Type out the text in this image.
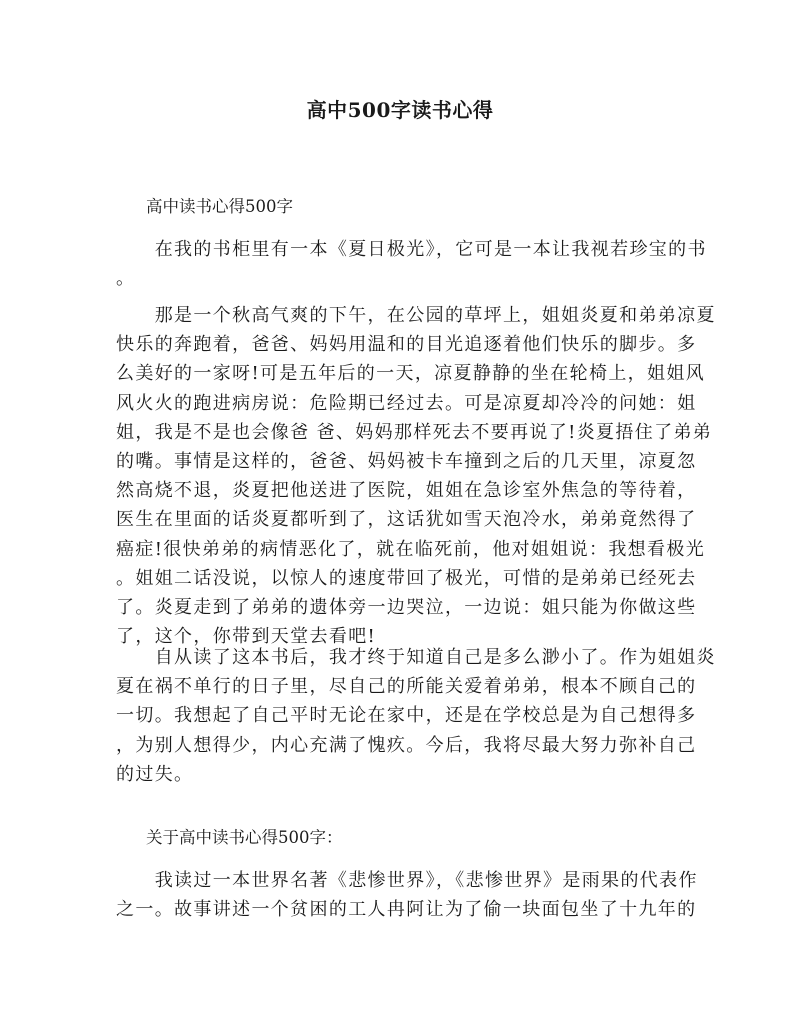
高中500字读书心得
高中读书心得500字
　　在我的书柜里有一本《夏日极光》，它可是一本让我视若珍宝的书
。
　　那是一个秋高气爽的下午，在公园的草坪上，姐姐炎夏和弟弟凉夏
快乐的奔跑着，爸爸、妈妈用温和的目光追逐着他们快乐的脚步。多
么美好的一家呀!可是五年后的一天，凉夏静静的坐在轮椅上，姐姐风
风火火的跑进病房说：危险期已经过去。可是凉夏却冷冷的问她：姐
姐，我是不是也会像爸 爸、妈妈那样死去不要再说了!炎夏捂住了弟弟
的嘴。事情是这样的，爸爸、妈妈被卡车撞到之后的几天里，凉夏忽
然高烧不退，炎夏把他送进了医院，姐姐在急诊室外焦急的等待着，
医生在里面的话炎夏都听到了，这话犹如雪天泡冷水，弟弟竟然得了
癌症!很快弟弟的病情恶化了，就在临死前，他对姐姐说：我想看极光
。姐姐二话没说，以惊人的速度带回了极光，可惜的是弟弟已经死去
了。炎夏走到了弟弟的遗体旁一边哭泣，一边说：姐只能为你做这些
了，这个，你带到天堂去看吧!
　　自从读了这本书后，我才终于知道自己是多么渺小了。作为姐姐炎
夏在祸不单行的日子里，尽自己的所能关爱着弟弟，根本不顾自己的
一切。我想起了自己平时无论在家中，还是在学校总是为自己想得多
，为别人想得少，内心充满了愧疚。今后，我将尽最大努力弥补自己
的过失。
关于高中读书心得500字：
　　我读过一本世界名著《悲惨世界》，《悲惨世界》是雨果的代表作
之一。故事讲述一个贫困的工人冉阿让为了偷一块面包坐了十九年的
